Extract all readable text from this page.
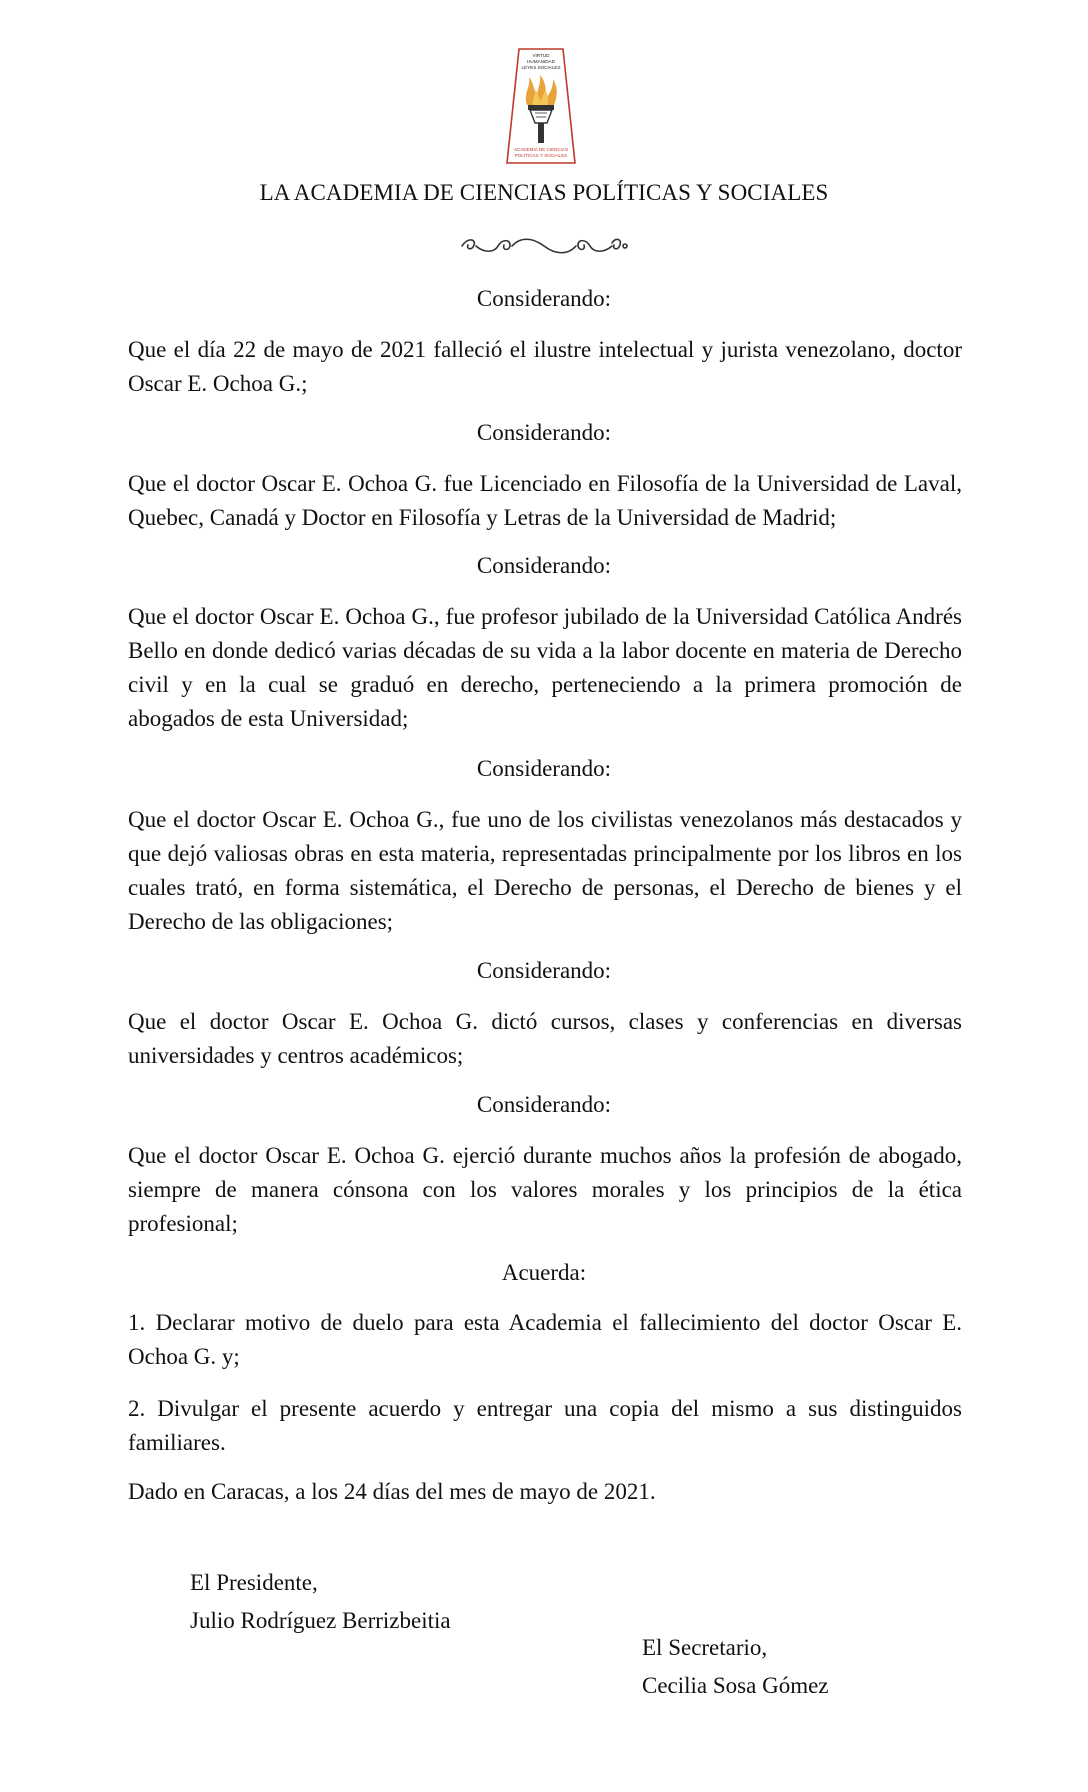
VIRTUD
HUMANIDAD
LEYES SOCIALES
ACADEMIA DE CIENCIAS
POLÍTICAS Y SOCIALES
LA ACADEMIA DE CIENCIAS POLÍTICAS Y SOCIALES
Considerando:
Que el día 22 de mayo de 2021 falleció el ilustre intelectual y jurista venezolano, doctor Oscar E. Ochoa G.;
Considerando:
Que el doctor Oscar E. Ochoa G. fue Licenciado en Filosofía de la Universidad de Laval, Quebec, Canadá y Doctor en Filosofía y Letras de la Universidad de Madrid;
Considerando:
Que el doctor Oscar E. Ochoa G., fue profesor jubilado de la Universidad Católica Andrés Bello en donde dedicó varias décadas de su vida a la labor docente en materia de Derecho civil y en la cual se graduó en derecho, perteneciendo a la primera promoción de abogados de esta Universidad;
Considerando:
Que el doctor Oscar E. Ochoa G., fue uno de los civilistas venezolanos más destacados y que dejó valiosas obras en esta materia, representadas principalmente por los libros en los cuales trató, en forma sistemática, el Derecho de personas, el Derecho de bienes y el Derecho de las obligaciones;
Considerando:
Que el doctor Oscar E. Ochoa G. dictó cursos, clases y conferencias en diversas universidades y centros académicos;
Considerando:
Que el doctor Oscar E. Ochoa G. ejerció durante muchos años la profesión de abogado, siempre de manera cónsona con los valores morales y los principios de la ética profesional;
Acuerda:
1. Declarar motivo de duelo para esta Academia el fallecimiento del doctor Oscar E. Ochoa G. y;
2. Divulgar el presente acuerdo y entregar una copia del mismo a sus distinguidos familiares.
Dado en Caracas, a los 24 días del mes de mayo de 2021.
El Presidente,
Julio Rodríguez Berrizbeitia
El Secretario,
Cecilia Sosa Gómez
